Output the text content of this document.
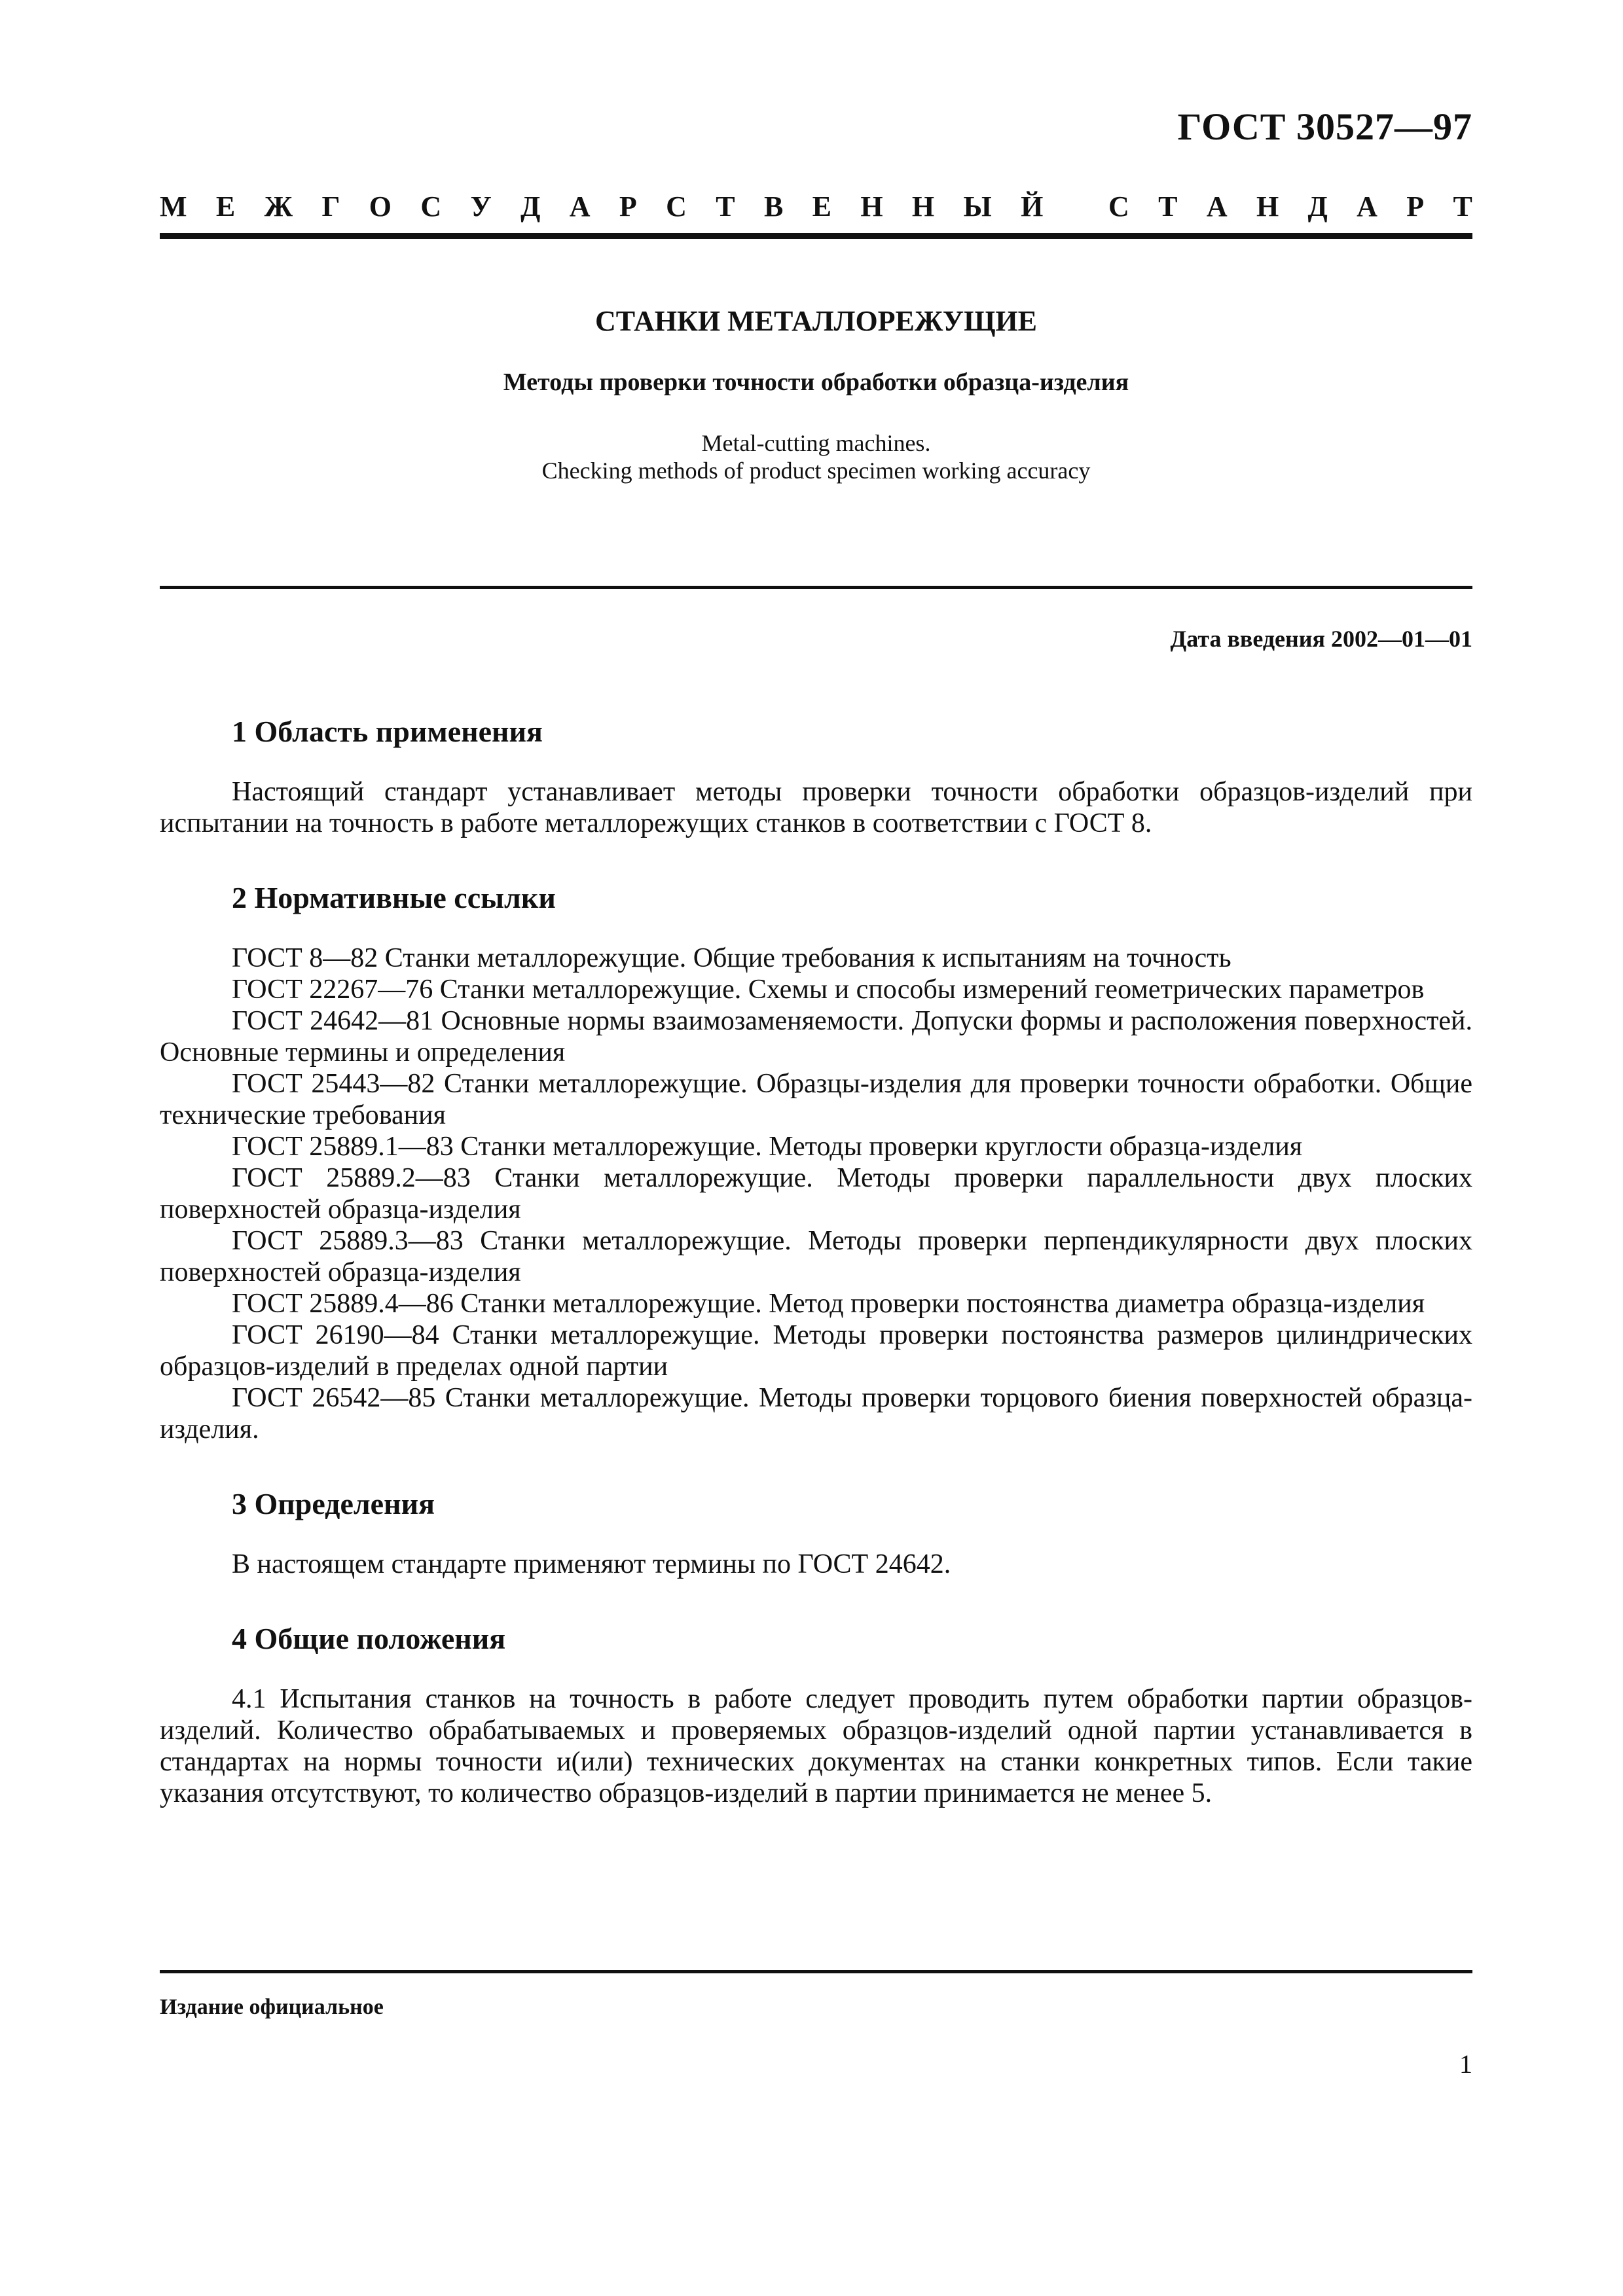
ГОСТ 30527—97
М Е Ж Г О С У Д А Р С Т В Е Н Н Ы Й
С Т А Н Д А Р Т

СТАНКИ МЕТАЛЛОРЕЖУЩИЕ

Методы проверки точности обработки образца-изделия
Metal-cutting machines.
Checking methods of product specimen working accuracy
Дата введения 2002—01—01
1 Область применения

Настоящий стандарт устанавливает методы проверки точности обработки образцов-изделий при испытании на точность в работе металлорежущих станков в соответствии с ГОСТ 8.

2 Нормативные ссылки

ГОСТ 8—82 Станки металлорежущие. Общие требования к испытаниям на точность

ГОСТ 22267—76 Станки металлорежущие. Схемы и способы измерений геометрических параметров

ГОСТ 24642—81 Основные нормы взаимозаменяемости. Допуски формы и расположения поверхностей. Основные термины и определения

ГОСТ 25443—82 Станки металлорежущие. Образцы-изделия для проверки точности обработки. Общие технические требования

ГОСТ 25889.1—83 Станки металлорежущие. Методы проверки круглости образца-изделия

ГОСТ 25889.2—83 Станки металлорежущие. Методы проверки параллельности двух плоских поверхностей образца-изделия

ГОСТ 25889.3—83 Станки металлорежущие. Методы проверки перпендикулярности двух плоских поверхностей образца-изделия

ГОСТ 25889.4—86 Станки металлорежущие. Метод проверки постоянства диаметра образца-изделия

ГОСТ 26190—84 Станки металлорежущие. Методы проверки постоянства размеров цилиндрических образцов-изделий в пределах одной партии

ГОСТ 26542—85 Станки металлорежущие. Методы проверки торцового биения поверхностей образца-изделия.

3 Определения

В настоящем стандарте применяют термины по ГОСТ 24642.

4 Общие положения

4.1 Испытания станков на точность в работе следует проводить путем обработки партии образцов-изделий. Количество обрабатываемых и проверяемых образцов-изделий одной партии устанавливается в стандартах на нормы точности и(или) технических документах на станки конкретных типов. Если такие указания отсутствуют, то количество образцов-изделий в партии принимается не менее 5.

Издание официальное
1
